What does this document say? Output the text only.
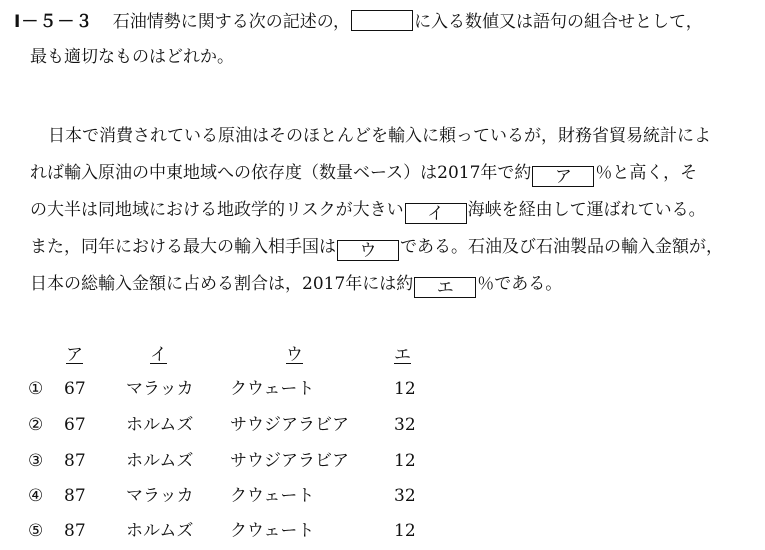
Ⅰ－５－３ 石油情勢に関する次の記述の，	に入る数値又は語句の組合せとして，
最も適切なものはどれか。
日本で消費されている原油はそのほとんどを輸入に頼っているが，財務省貿易統計によ
れば輸入原油の中東地域への依存度（数量ベース）は2017年で約 ア ％と高く，そ
の大半は同地域における地政学的リスクが大きい イ 海峡を経由して運ばれている。
また，同年における最大の輸入相手国は ウ である。石油及び石油製品の輸入金額が，
日本の総輸入金額に占める割合は，2017年には約 エ ％である。
ア	イ	ウ	エ
① 67 マラッカ クウェート	12
② 67 ホルムズ サウジアラビア	32
③ 87 ホルムズ サウジアラビア	12
④ 87 マラッカ クウェート	32
⑤ 87 ホルムズ クウェート	12
